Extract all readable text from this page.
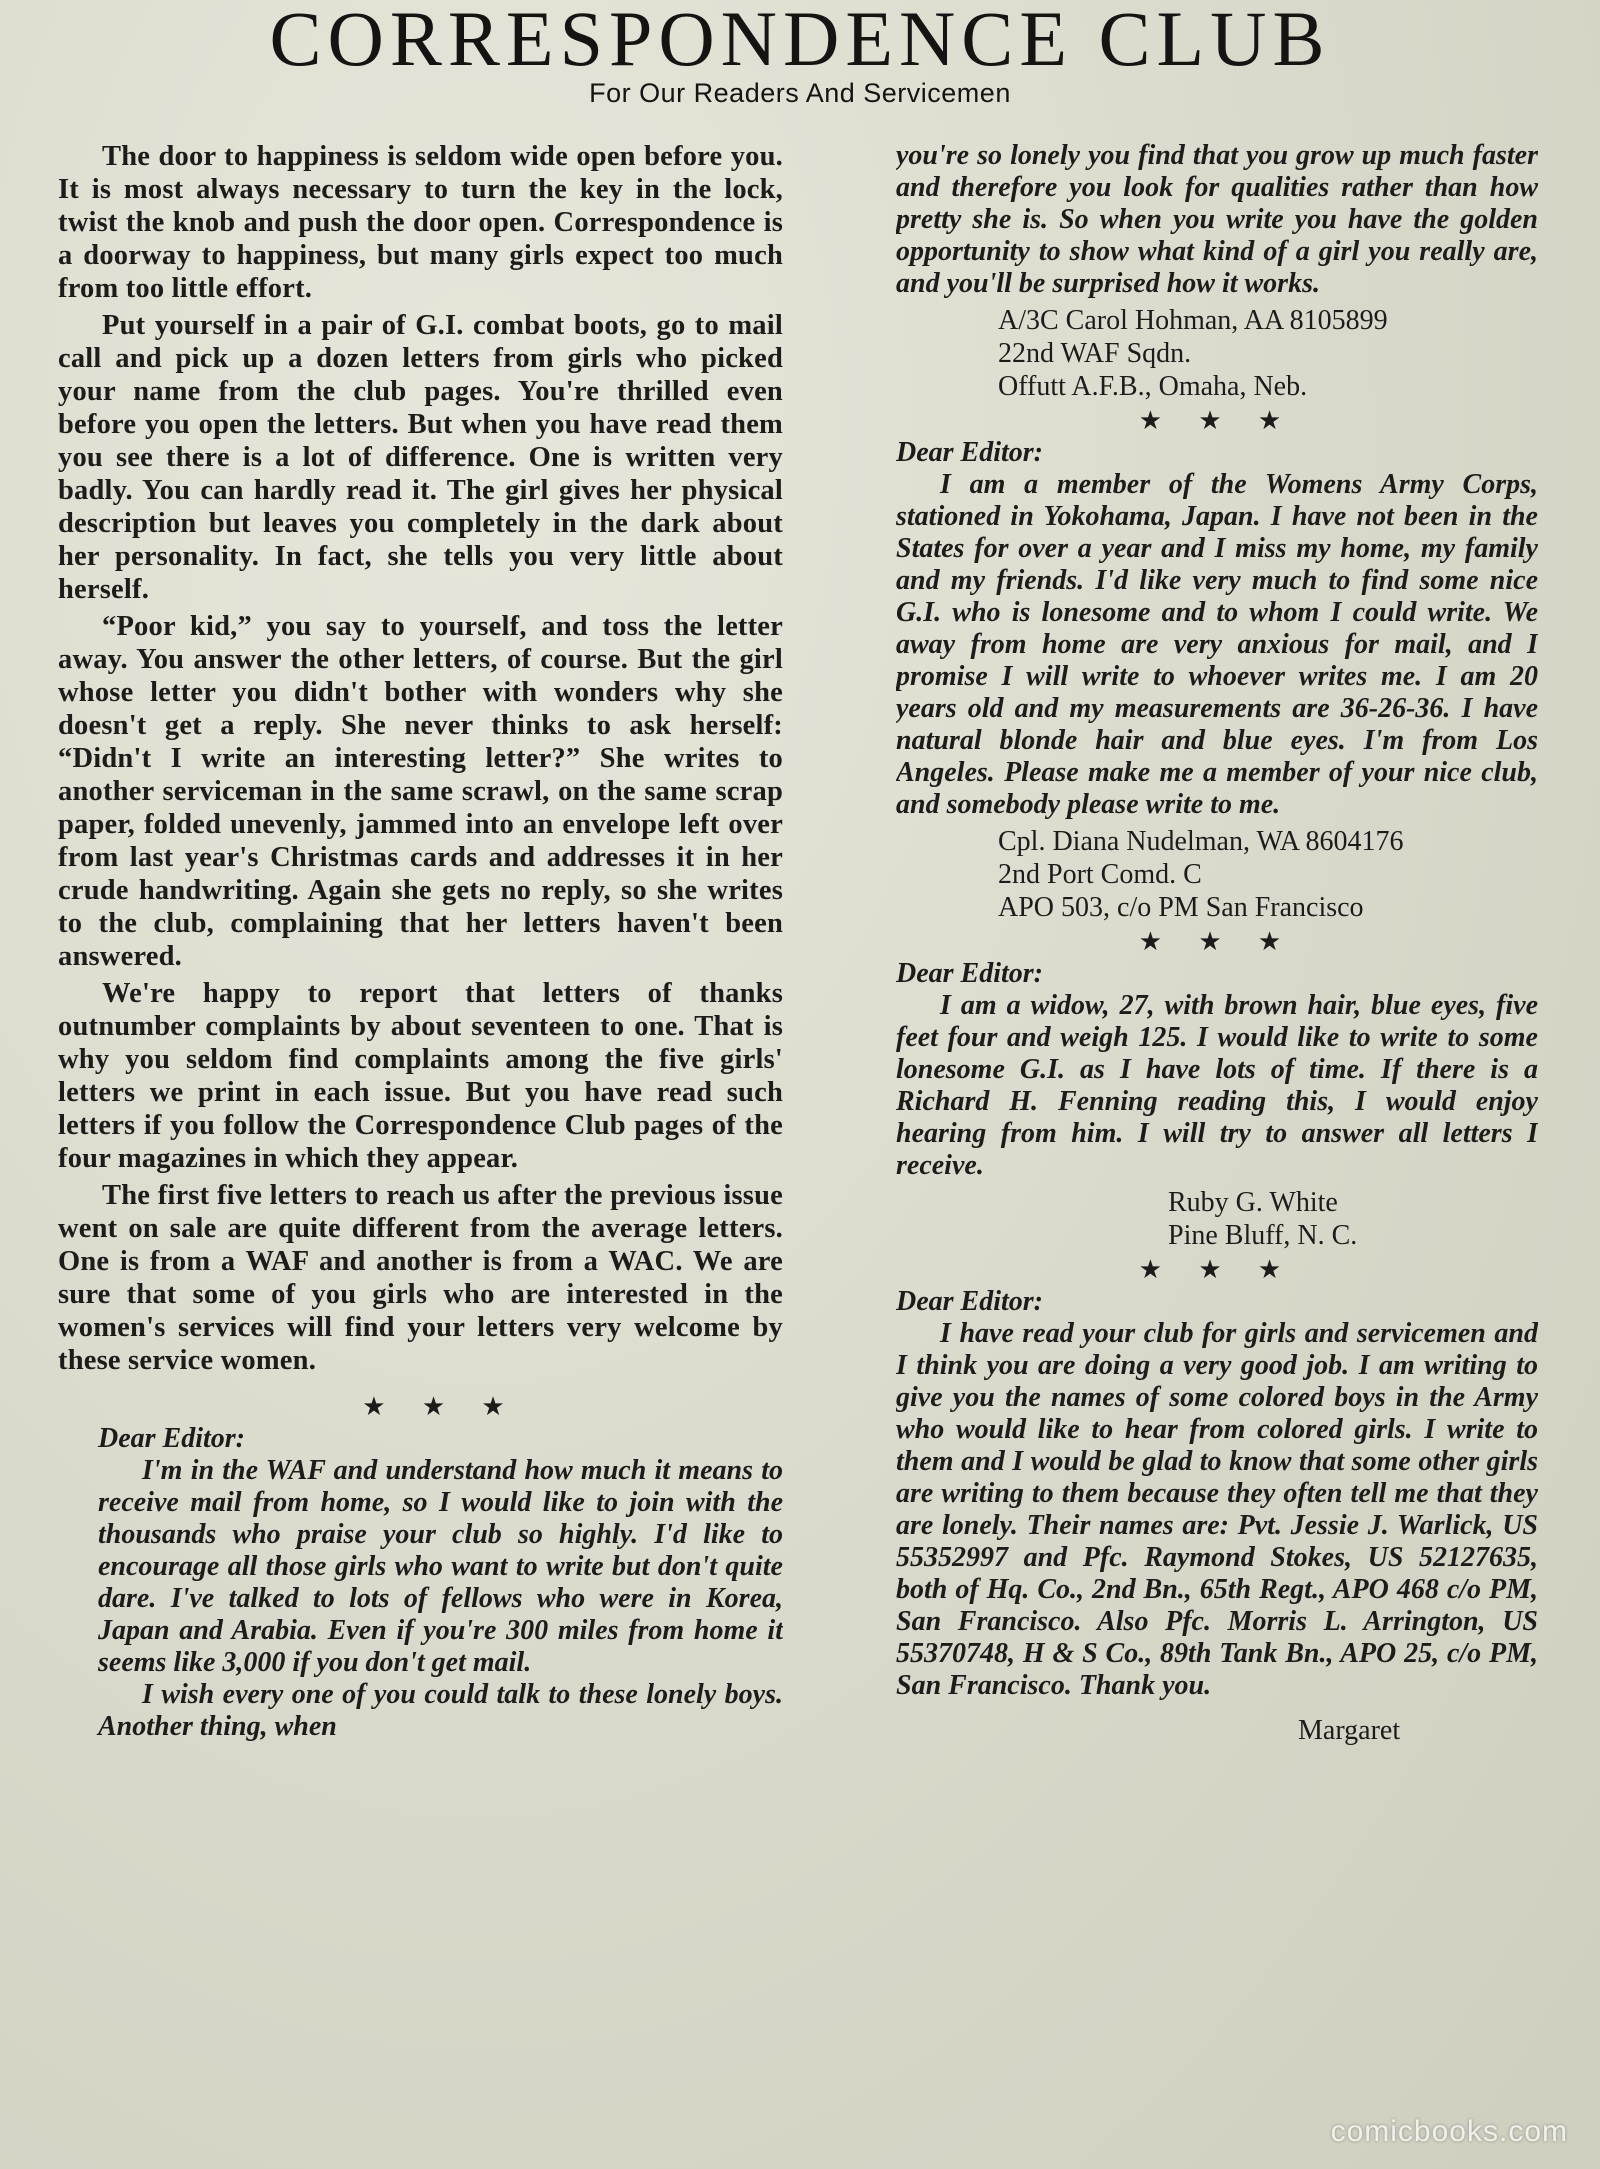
CORRESPONDENCE CLUB
For Our Readers And Servicemen

The door to happiness is seldom wide open before you. It is most always necessary to turn the key in the lock, twist the knob and push the door open. Correspondence is a doorway to happiness, but many girls expect too much from too little effort.

Put yourself in a pair of G.I. combat boots, go to mail call and pick up a dozen letters from girls who picked your name from the club pages. You're thrilled even before you open the letters. But when you have read them you see there is a lot of difference. One is written very badly. You can hardly read it. The girl gives her physical description but leaves you completely in the dark about her personality. In fact, she tells you very little about herself.

“Poor kid,” you say to yourself, and toss the letter away. You answer the other letters, of course. But the girl whose letter you didn't bother with wonders why she doesn't get a reply. She never thinks to ask herself: “Didn't I write an interesting letter?” She writes to another serviceman in the same scrawl, on the same scrap paper, folded unevenly, jammed into an envelope left over from last year's Christmas cards and addresses it in her crude handwriting. Again she gets no reply, so she writes to the club, complaining that her letters haven't been answered.

We're happy to report that letters of thanks outnumber complaints by about seventeen to one. That is why you seldom find complaints among the five girls' letters we print in each issue. But you have read such letters if you follow the Correspondence Club pages of the four magazines in which they appear.

The first five letters to reach us after the previous issue went on sale are quite different from the average letters. One is from a WAF and another is from a WAC. We are sure that some of you girls who are interested in the women's services will find your letters very welcome by these service women.

★ ★ ★
Dear Editor:

I'm in the WAF and understand how much it means to receive mail from home, so I would like to join with the thousands who praise your club so highly. I'd like to encourage all those girls who want to write but don't quite dare. I've talked to lots of fellows who were in Korea, Japan and Arabia. Even if you're 300 miles from home it seems like 3,000 if you don't get mail.

I wish every one of you could talk to these lonely boys. Another thing, when

you're so lonely you find that you grow up much faster and therefore you look for qualities rather than how pretty she is. So when you write you have the golden opportunity to show what kind of a girl you really are, and you'll be surprised how it works.

A/3C Carol Hohman, AA 8105899
22nd WAF Sqdn.
Offutt A.F.B., Omaha, Neb.
★ ★ ★
Dear Editor:

I am a member of the Womens Army Corps, stationed in Yokohama, Japan. I have not been in the States for over a year and I miss my home, my family and my friends. I'd like very much to find some nice G.I. who is lonesome and to whom I could write. We away from home are very anxious for mail, and I promise I will write to whoever writes me. I am 20 years old and my measurements are 36-26-36. I have natural blonde hair and blue eyes. I'm from Los Angeles. Please make me a member of your nice club, and somebody please write to me.

Cpl. Diana Nudelman, WA 8604176
2nd Port Comd. C
APO 503, c/o PM San Francisco
★ ★ ★
Dear Editor:

I am a widow, 27, with brown hair, blue eyes, five feet four and weigh 125. I would like to write to some lonesome G.I. as I have lots of time. If there is a Richard H. Fenning reading this, I would enjoy hearing from him. I will try to answer all letters I receive.

Ruby G. White
Pine Bluff, N. C.
★ ★ ★
Dear Editor:

I have read your club for girls and servicemen and I think you are doing a very good job. I am writing to give you the names of some colored boys in the Army who would like to hear from colored girls. I write to them and I would be glad to know that some other girls are writing to them because they often tell me that they are lonely. Their names are: Pvt. Jessie J. Warlick, US 55352997 and Pfc. Raymond Stokes, US 52127635, both of Hq. Co., 2nd Bn., 65th Regt., APO 468 c/o PM, San Francisco. Also Pfc. Morris L. Arrington, US 55370748, H & S Co., 89th Tank Bn., APO 25, c/o PM, San Francisco. Thank you.

Margaret
comicbooks.com
